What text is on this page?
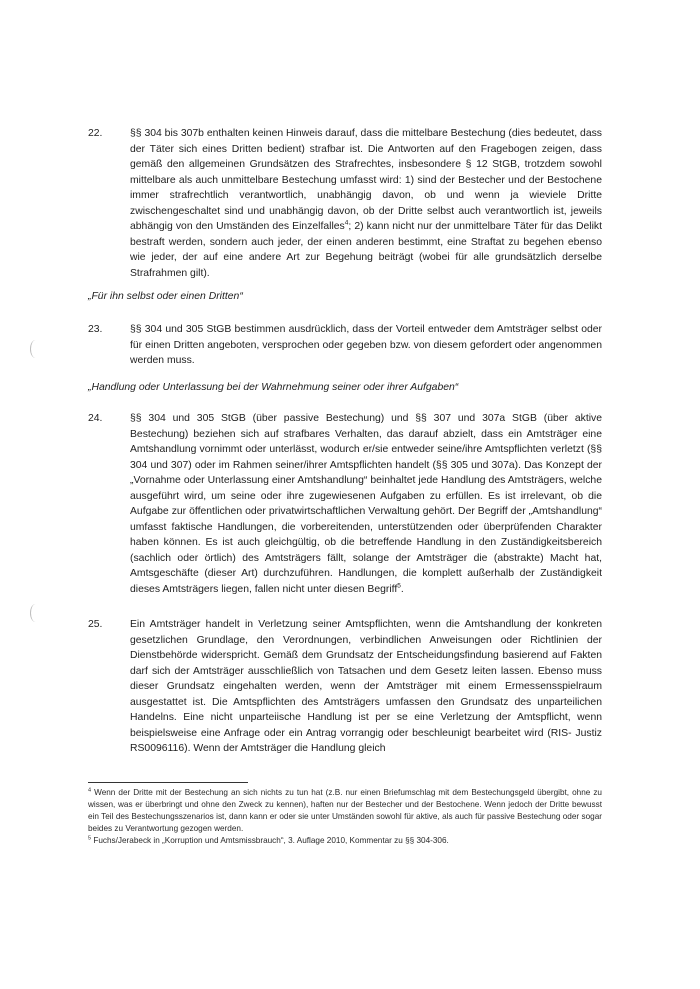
22.	§§ 304 bis 307b enthalten keinen Hinweis darauf, dass die mittelbare Bestechung (dies bedeutet, dass der Täter sich eines Dritten bedient) strafbar ist. Die Antworten auf den Fragebogen zeigen, dass gemäß den allgemeinen Grundsätzen des Strafrechtes, insbesondere § 12 StGB, trotzdem sowohl mittelbare als auch unmittelbare Bestechung umfasst wird: 1) sind der Bestecher und der Bestochene immer strafrechtlich verantwortlich, unabhängig davon, ob und wenn ja wieviele Dritte zwischengeschaltet sind und unabhängig davon, ob der Dritte selbst auch verantwortlich ist, jeweils abhängig von den Umständen des Einzelfalles$^4$; 2) kann nicht nur der unmittelbare Täter für das Delikt bestraft werden, sondern auch jeder, der einen anderen bestimmt, eine Straftat zu begehen ebenso wie jeder, der auf eine andere Art zur Begehung beiträgt (wobei für alle grundsätzlich derselbe Strafrahmen gilt).
„Für ihn selbst oder einen Dritten“
23.	§§ 304 und 305 StGB bestimmen ausdrücklich, dass der Vorteil entweder dem Amtsträger selbst oder für einen Dritten angeboten, versprochen oder gegeben bzw. von diesem gefordert oder angenommen werden muss.
„Handlung oder Unterlassung bei der Wahrnehmung seiner oder ihrer Aufgaben“
24.	§§ 304 und 305 StGB (über passive Bestechung) und §§ 307 und 307a StGB (über aktive Bestechung) beziehen sich auf strafbares Verhalten, das darauf abzielt, dass ein Amtsträger eine Amtshandlung vornimmt oder unterlässt, wodurch er/sie entweder seine/ihre Amtspflichten verletzt (§§ 304 und 307) oder im Rahmen seiner/ihrer Amtspflichten handelt (§§ 305 und 307a). Das Konzept der „Vornahme oder Unterlassung einer Amtshandlung“ beinhaltet jede Handlung des Amtsträgers, welche ausgeführt wird, um seine oder ihre zugewiesenen Aufgaben zu erfüllen. Es ist irrelevant, ob die Aufgabe zur öffentlichen oder privatwirtschaftlichen Verwaltung gehört. Der Begriff der „Amtshandlung“ umfasst faktische Handlungen, die vorbereitenden, unterstützenden oder überprüfenden Charakter haben können. Es ist auch gleichgültig, ob die betreffende Handlung in den Zuständigkeitsbereich (sachlich oder örtlich) des Amtsträgers fällt, solange der Amtsträger die (abstrakte) Macht hat, Amtsgeschäfte (dieser Art) durchzuführen. Handlungen, die komplett außerhalb der Zuständigkeit dieses Amtsträgers liegen, fallen nicht unter diesen Begriff$^5$.
25.	Ein Amtsträger handelt in Verletzung seiner Amtspflichten, wenn die Amtshandlung der konkreten gesetzlichen Grundlage, den Verordnungen, verbindlichen Anweisungen oder Richtlinien der Dienstbehörde widerspricht. Gemäß dem Grundsatz der Entscheidungsfindung basierend auf Fakten darf sich der Amtsträger ausschließlich von Tatsachen und dem Gesetz leiten lassen. Ebenso muss dieser Grundsatz eingehalten werden, wenn der Amtsträger mit einem Ermessensspielraum ausgestattet ist. Die Amtspflichten des Amtsträgers umfassen den Grundsatz des unparteilichen Handelns. Eine nicht unparteiische Handlung ist per se eine Verletzung der Amtspflicht, wenn beispielsweise eine Anfrage oder ein Antrag vorrangig oder beschleunigt bearbeitet wird (RIS- Justiz RS0096116). Wenn der Amtsträger die Handlung gleich
$^4$ Wenn der Dritte mit der Bestechung an sich nichts zu tun hat (z.B. nur einen Briefumschlag mit dem Bestechungsgeld übergibt, ohne zu wissen, was er überbringt und ohne den Zweck zu kennen), haften nur der Bestecher und der Bestochene. Wenn jedoch der Dritte bewusst ein Teil des Bestechungsszenarios ist, dann kann er oder sie unter Umständen sowohl für aktive, als auch für passive Bestechung oder sogar beides zu Verantwortung gezogen werden.
$^5$ Fuchs/Jerabeck in „Korruption und Amtsmissbrauch“, 3. Auflage 2010, Kommentar zu §§ 304-306.
